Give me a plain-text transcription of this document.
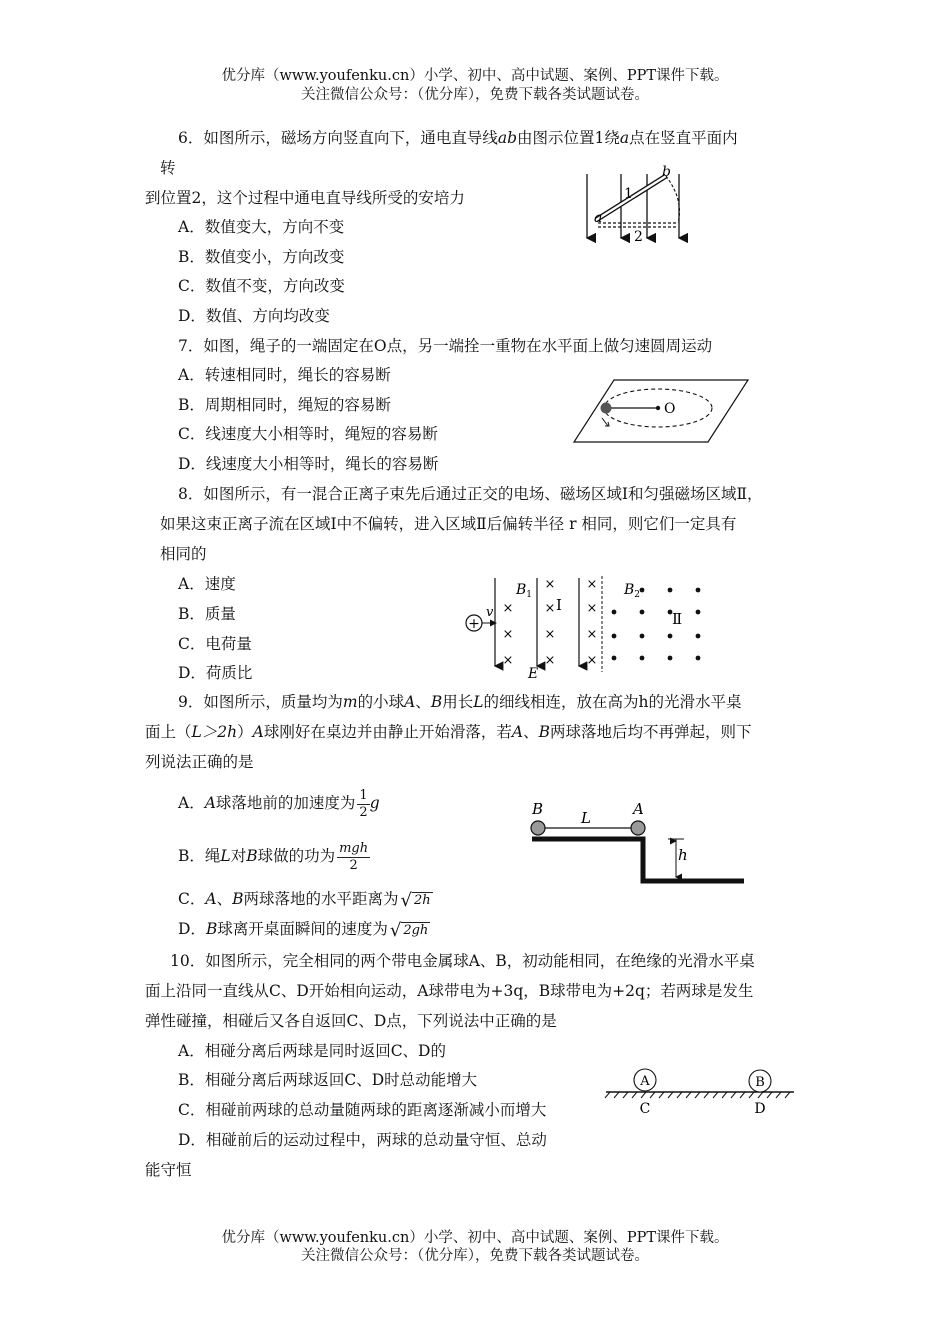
优分库（www.youfenku.cn）小学、初中、高中试题、案例、PPT课件下载。
关注微信公众号：（优分库），免费下载各类试题试卷。
6．如图所示，磁场方向竖直向下，通电直导线ab由图示位置1绕a点在竖直平面内
转
到位置2，这个过程中通电直导线所受的安培力
A．数值变大，方向不变
B．数值变小，方向改变
C．数值不变，方向改变
D．数值、方向均改变
a
b
1
2
7．如图，绳子的一端固定在O点，另一端拴一重物在水平面上做匀速圆周运动
A．转速相同时，绳长的容易断
B．周期相同时，绳短的容易断
C．线速度大小相等时，绳短的容易断
D．线速度大小相等时，绳长的容易断
O
8．如图所示，有一混合正离子束先后通过正交的电场、磁场区域Ⅰ和匀强磁场区域Ⅱ，
如果这束正离子流在区域Ⅰ中不偏转，进入区域Ⅱ后偏转半径 r 相同，则它们一定具有
相同的
A．速度
B．质量
C．电荷量
D．荷质比
×
×
×
×
×
×
×
×
×
×
×
+
v
$B_1$
Ⅰ
$B_2$
Ⅱ
E
9．如图所示，质量均为m的小球A、B用长L的细线相连，放在高为h的光滑水平桌
面上（L＞2h）A球刚好在桌边并由静止开始滑落，若A、B两球落地后均不再弹起，则下
列说法正确的是
A．A球落地前的加速度为 $\frac{1}{2}$ g
B．绳L对B球做的功为 $\frac{\text{mgh}}{2}$
C．A、B两球落地的水平距离为 √ 2h
D．B球离开桌面瞬间的速度为 √ 2gh
B	A
L
h
10．如图所示，完全相同的两个带电金属球A、B，初动能相同，在绝缘的光滑水平桌
面上沿同一直线从C、D开始相向运动，A球带电为+3q，B球带电为+2q；若两球是发生
弹性碰撞，相碰后又各自返回C、D点，下列说法中正确的是
A．相碰分离后两球是同时返回C、D的
B．相碰分离后两球返回C、D时总动能增大
C．相碰前两球的总动量随两球的距离逐渐减小而增大
D．相碰前后的运动过程中，两球的总动量守恒、总动
能守恒
A	B
C	D
优分库（www.youfenku.cn）小学、初中、高中试题、案例、PPT课件下载。
关注微信公众号：（优分库），免费下载各类试题试卷。
